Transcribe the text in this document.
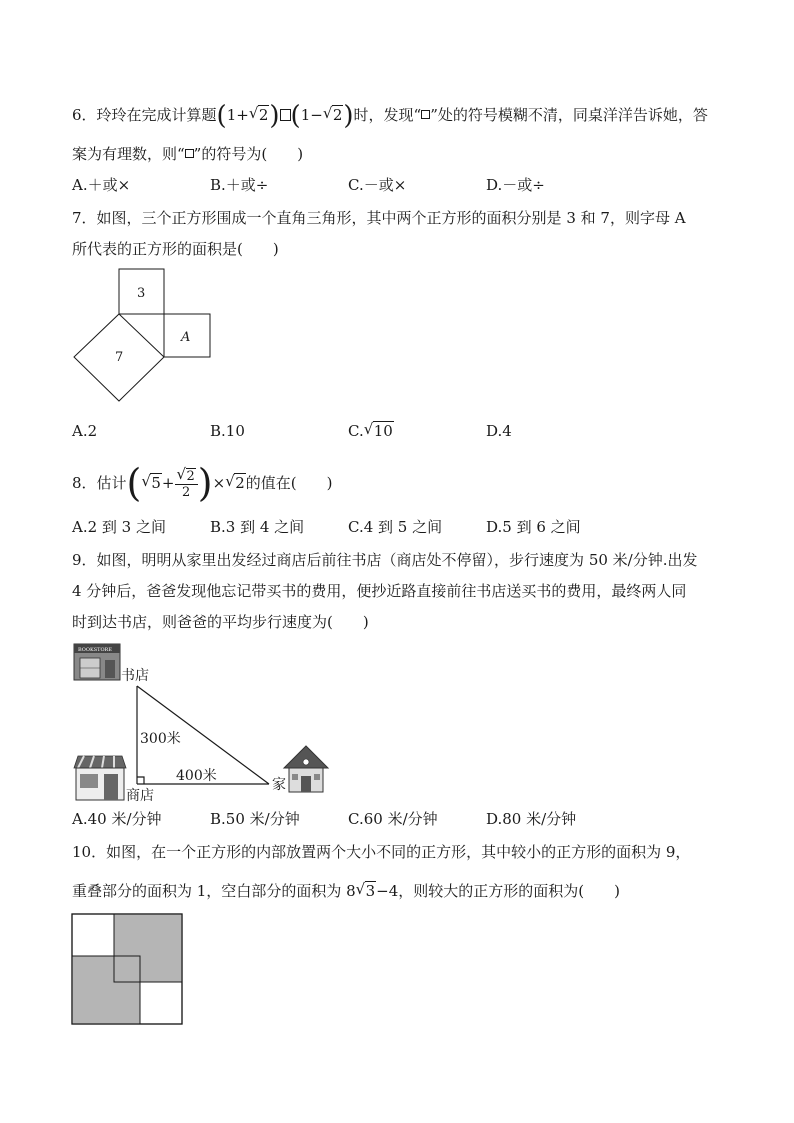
6．玲玲在完成计算题(1+ √ 2) (1− √ 2)时，发现“ ”处的符号模糊不清，同桌洋洋告诉她，答
案为有理数，则“ ”的符号为(　　)
A.＋或×	B.＋或÷	C.－或×	D.－或÷
7．如图，三个正方形围成一个直角三角形，其中两个正方形的面积分别是 3 和 7，则字母 A
所代表的正方形的面积是(　　)
3
7
A
A.2	B.10	C. √ 10	D.4
8．估计( √ 5+ √ $\frac{2}{2}$ )× √ 2的值在(　　)
A.2 到 3 之间	B.3 到 4 之间	C.4 到 5 之间	D.5 到 6 之间
9．如图，明明从家里出发经过商店后前往书店（商店处不停留），步行速度为 50 米/分钟.出发
4 分钟后，爸爸发现他忘记带买书的费用，便抄近路直接前往书店送买书的费用，最终两人同
时到达书店，则爸爸的平均步行速度为(　　)
BOOKSTORE
书店
300米
400米
商店
家
A.40 米/分钟	B.50 米/分钟	C.60 米/分钟	D.80 米/分钟
10．如图，在一个正方形的内部放置两个大小不同的正方形，其中较小的正方形的面积为 9，
重叠部分的面积为 1，空白部分的面积为 8 √ 3−4，则较大的正方形的面积为(　　)
